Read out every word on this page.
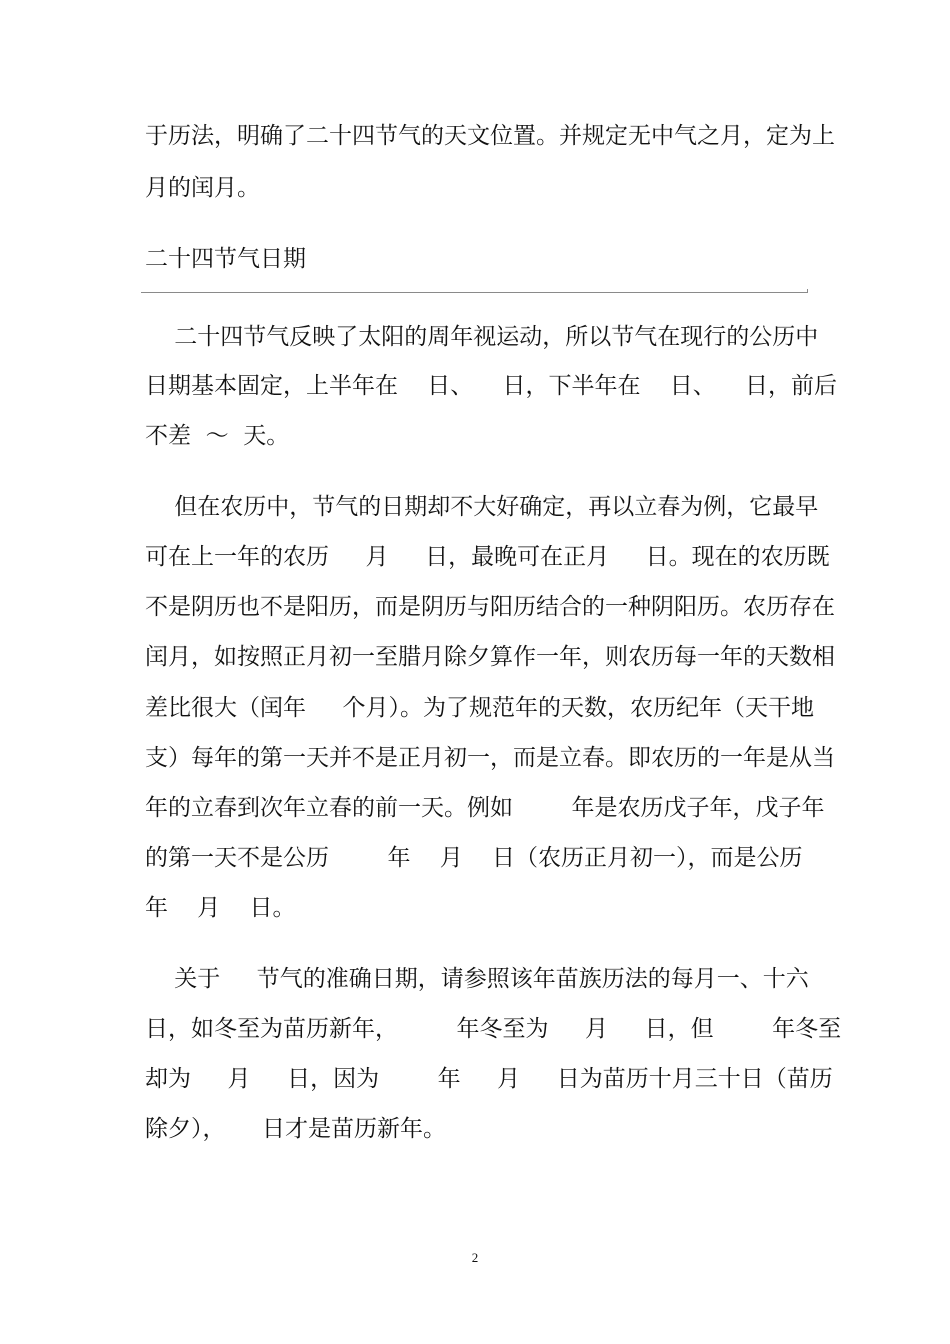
于历法，明确了二十四节气的天文位置。并规定无中气之月，定为上
月的闰月。
二十四节气日期
二十四节气反映了太阳的周年视运动，所以节气在现行的公历中
日期基本固定，上半年在    日、    日，下半年在    日、    日，前后
不差  ～  天。
但在农历中，节气的日期却不大好确定，再以立春为例，它最早
可在上一年的农历     月     日，最晚可在正月     日。现在的农历既
不是阴历也不是阳历，而是阴历与阳历结合的一种阴阳历。农历存在
闰月，如按照正月初一至腊月除夕算作一年，则农历每一年的天数相
差比很大（闰年     个月）。为了规范年的天数，农历纪年（天干地
支）每年的第一天并不是正月初一，而是立春。即农历的一年是从当
年的立春到次年立春的前一天。例如        年是农历戊子年，戊子年
的第一天不是公历        年    月    日（农历正月初一），而是公历
年    月    日。
关于     节气的准确日期，请参照该年苗族历法的每月一、十六
日，如冬至为苗历新年，        年冬至为     月     日，但        年冬至
却为     月     日，因为        年     月     日为苗历十月三十日（苗历
除夕），     日才是苗历新年。
2
